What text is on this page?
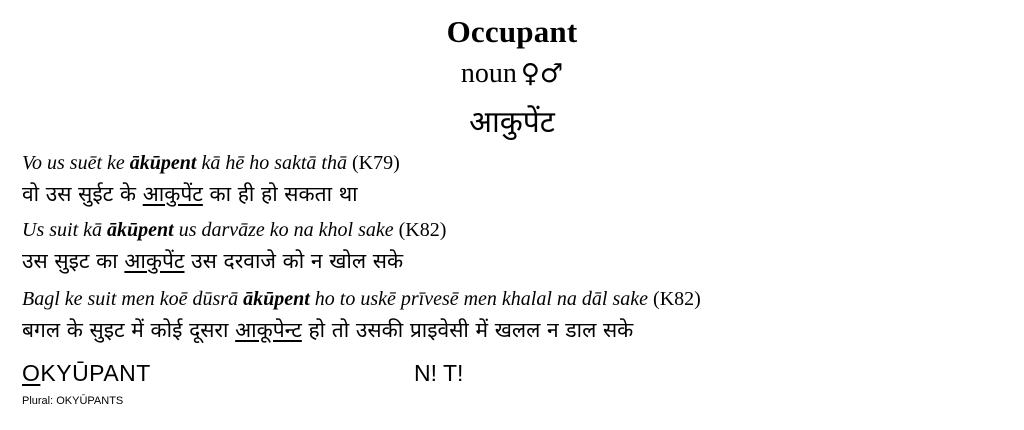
Occupant
noun ♀♂
आकुपेंट
Vo us suēt ke ākūpent kā hē ho saktā thā (K79)
वो उस सुईट के आकुपेंट का ही हो सकता था
Us suit kā ākūpent us darvāze ko na khol sake (K82)
उस सुइट का आकुपेंट उस दरवाजे को न खोल सके
Bagl ke suit men koē dūsrā ākūpent ho to uskē prīvesē men khalal na dāl sake (K82)
बगल के सुइट में कोई दूसरा आकूपेन्ट हो तो उसकी प्राइवेसी में खलल न डाल सके
OKYŪPANT	N! T!
Plural: OKYŪPANTS
